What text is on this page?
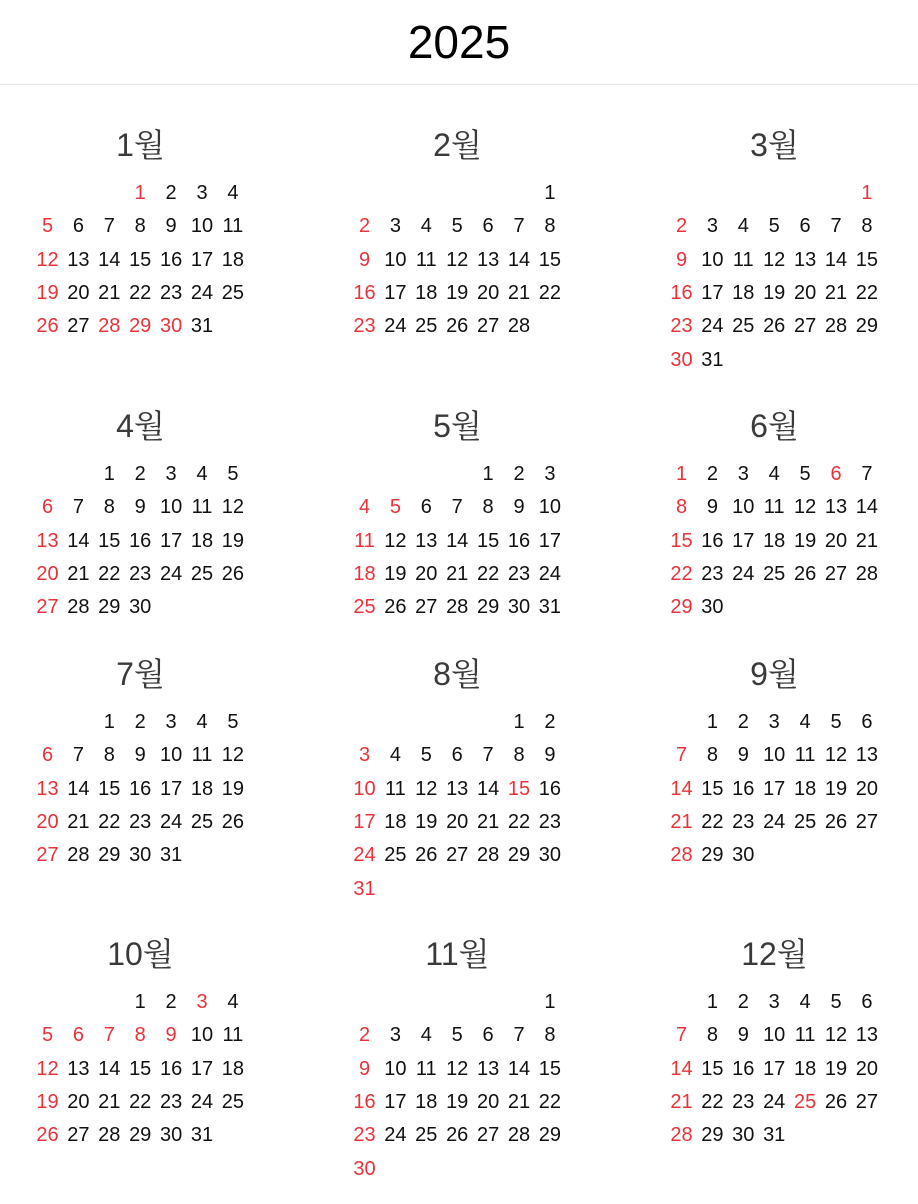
2025
1월
1 2 3 4
5 6 7 8 9 10 11
12 13 14 15 16 17 18
19 20 21 22 23 24 25
26 27 28 29 30 31
2월
1
2 3 4 5 6 7 8
9 10 11 12 13 14 15
16 17 18 19 20 21 22
23 24 25 26 27 28
3월
1
2 3 4 5 6 7 8
9 10 11 12 13 14 15
16 17 18 19 20 21 22
23 24 25 26 27 28 29
30 31
4월
1 2 3 4 5
6 7 8 9 10 11 12
13 14 15 16 17 18 19
20 21 22 23 24 25 26
27 28 29 30
5월
1 2 3
4 5 6 7 8 9 10
11 12 13 14 15 16 17
18 19 20 21 22 23 24
25 26 27 28 29 30 31
6월
1 2 3 4 5 6 7
8 9 10 11 12 13 14
15 16 17 18 19 20 21
22 23 24 25 26 27 28
29 30
7월
1 2 3 4 5
6 7 8 9 10 11 12
13 14 15 16 17 18 19
20 21 22 23 24 25 26
27 28 29 30 31
8월
1 2
3 4 5 6 7 8 9
10 11 12 13 14 15 16
17 18 19 20 21 22 23
24 25 26 27 28 29 30
31
9월
1 2 3 4 5 6
7 8 9 10 11 12 13
14 15 16 17 18 19 20
21 22 23 24 25 26 27
28 29 30
10월
1 2 3 4
5 6 7 8 9 10 11
12 13 14 15 16 17 18
19 20 21 22 23 24 25
26 27 28 29 30 31
11월
1
2 3 4 5 6 7 8
9 10 11 12 13 14 15
16 17 18 19 20 21 22
23 24 25 26 27 28 29
30
12월
1 2 3 4 5 6
7 8 9 10 11 12 13
14 15 16 17 18 19 20
21 22 23 24 25 26 27
28 29 30 31
